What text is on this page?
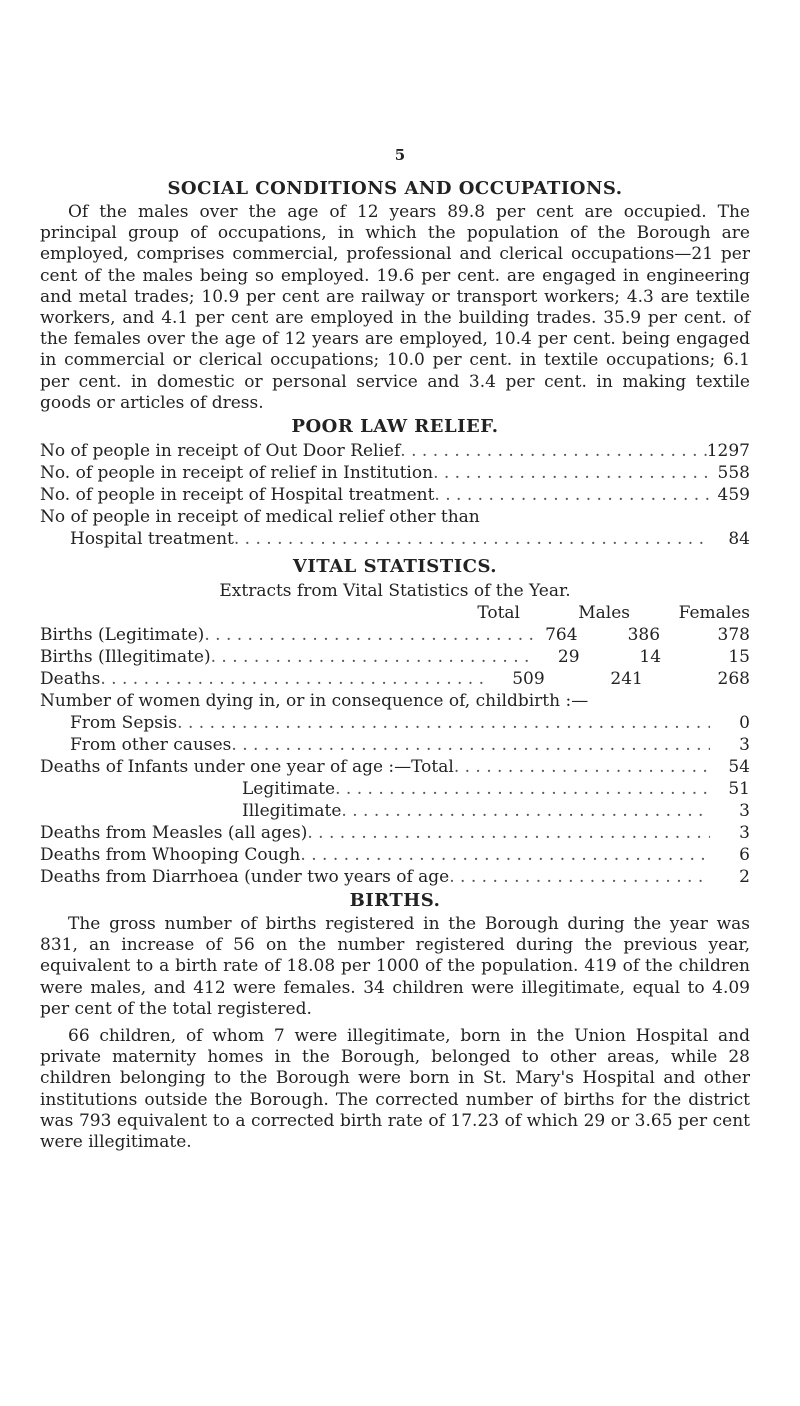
5
SOCIAL CONDITIONS AND OCCUPATIONS.

Of the males over the age of 12 years 89.8 per cent are occupied. The principal group of occupations, in which the population of the Borough are employed, comprises commercial, professional and clerical occupations—21 per cent of the males being so employed. 19.6 per cent. are engaged in engineering and metal trades; 10.9 per cent are railway or transport workers; 4.3 are textile workers, and 4.1 per cent are employed in the building trades. 35.9 per cent. of the females over the age of 12 years are employed, 10.4 per cent. being engaged in commercial or clerical occupations; 10.0 per cent. in textile occupations; 6.1 per cent. in domestic or personal service and 3.4 per cent. in making textile goods or articles of dress.

POOR LAW RELIEF.
No of people in receipt of Out Door Relief . . .	1297
No. of people in receipt of relief in Institution . . .	558
No. of people in receipt of Hospital treatment . . .	459
No of people in receipt of medical relief other than
Hospital treatment . . .	84
VITAL STATISTICS.
Extracts from Vital Statistics of the Year.
Total	Males	Females
Births (Legitimate) . . .	764	386	378
Births (Illegitimate) . . .	29	14	15
Deaths . . .	509	241	268
Number of women dying in, or in consequence of, childbirth :—
From Sepsis . . .	0
From other causes . . .	3
Deaths of Infants under one year of age :—Total . . .	54
Legitimate . . .	51
Illegitimate . . .	3
Deaths from Measles (all ages) . . .	3
Deaths from Whooping Cough . . .	6
Deaths from Diarrhoea (under two years of age . . .	2
BIRTHS.

The gross number of births registered in the Borough during the year was 831, an increase of 56 on the number registered during the previous year, equivalent to a birth rate of 18.08 per 1000 of the population. 419 of the children were males, and 412 were females. 34 children were illegitimate, equal to 4.09 per cent of the total registered.

66 children, of whom 7 were illegitimate, born in the Union Hospital and private maternity homes in the Borough, belonged to other areas, while 28 children belonging to the Borough were born in St. Mary's Hospital and other institutions outside the Borough. The corrected number of births for the district was 793 equivalent to a corrected birth rate of 17.23 of which 29 or 3.65 per cent were illegitimate.
